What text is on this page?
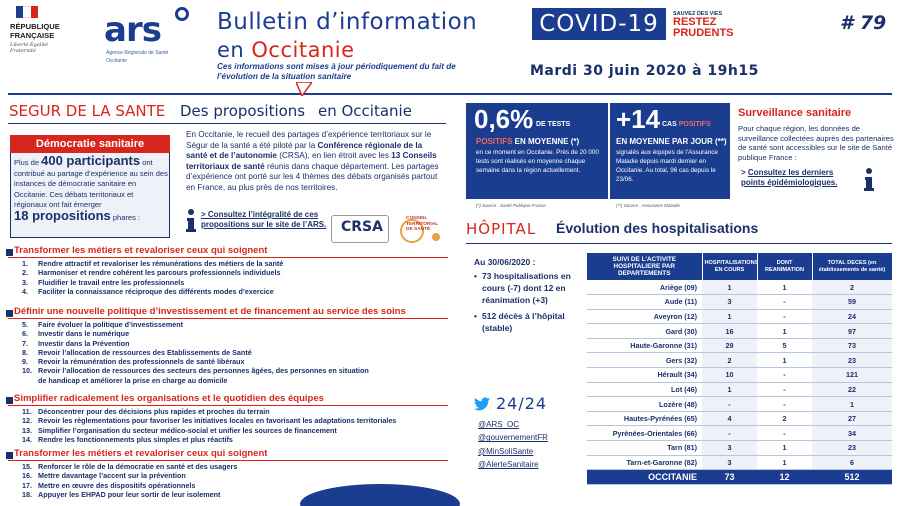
RÉPUBLIQUE FRANÇAISE
Liberté Égalité Fraternité
ars
Agence Régionale de Santé
Occitanie
Bulletin d’information	COVID-19	SAUVEZ DES VIES
RESTEZ
PRUDENTS	# 79
en Occitanie
Ces informations sont mises à jour périodiquement du fait de l’évolution de la situation sanitaire	Mardi 30 juin 2020 à 19h15
SEGUR DE LA SANTE Des propositions en Occitanie
Démocratie sanitaire
Plus de 400 participants ont contribué au partage d’expérience au sein des instances de démocratie sanitaire en Occitanie. Ces débats territoriaux et régionaux ont fait émerger
18 propositions phares :
En Occitanie, le recueil des partages d’expérience territoriaux sur le Ségur de la santé a été piloté par la Conférence régionale de la santé et de l’autonomie (CRSA), en lien étroit avec les 13 Conseils territoriaux de santé réunis dans chaque département. Les partages d’expérience ont porté sur les 4 thèmes des débats organisés partout en France, au plus près de nos territoires.
> Consultez l’intégralité de ces propositions sur le site de l’ARS.	CRSA
CONSEIL TERRITORIAL DE SANTÉ
Transformer les métiers et revaloriser ceux qui soignent
1. Rendre attractif et revaloriser les rémunérations des métiers de la santé
2. Harmoniser et rendre cohérent les parcours professionnels individuels
3. Fluidifier le travail entre les professionnels
4. Faciliter la connaissance réciproque des différents modes d’exercice
Définir une nouvelle politique d’investissement et de financement au service des soins
5. Faire évoluer la politique d’investissement
6. Investir dans le numérique
7. Investir dans la Prévention
8. Revoir l’allocation de ressources des Etablissements de Santé
9. Revoir la rémunération des professionnels de santé libéraux
10. Revoir l’allocation de ressources des secteurs des personnes âgées, des personnes en situation
de handicap et améliorer la prise en charge au domicile
Simplifier radicalement les organisations et le quotidien des équipes
11. Déconcentrer pour des décisions plus rapides et proches du terrain
12. Revoir les réglementations pour favoriser les initiatives locales en favorisant les adaptations territoriales
13. Simplifier l’organisation du secteur médico-social et unifier les sources de financement
14. Rendre les fonctionnements plus simples et plus réactifs
Transformer les métiers et revaloriser ceux qui soignent
15. Renforcer le rôle de la démocratie en santé et des usagers
16. Mettre davantage l’accent sur la prévention
17. Mettre en œuvre des dispositifs opérationnels
18. Appuyer les EHPAD pour leur sortir de leur isolement
0,6% DE TESTS
POSITIFS EN MOYENNE (*)
en ce moment en Occitanie. Près de 20 000 tests sont réalisés en moyenne chaque semaine dans la région actuellement.
+14 CAS POSITIFS
EN MOYENNE PAR JOUR (**)
signalés aux équipes de l’Assurance Maladie depuis mardi dernier en Occitanie. Au total, 96 cas depuis le 23/06.
(*) Source : Santé Publique France	(**) Source : Assurance Maladie
Surveillance sanitaire
Pour chaque région, les données de surveillance collectées auprès des partenaires de santé sont accessibles sur le site de Santé publique France :
> Consultez les derniers points épidémiologiques.
HÔPITAL Évolution des hospitalisations
Au 30/06/2020 :
• 73 hospitalisations en cours (-7) dont 12 en réanimation (+3)
• 512 décès à l’hôpital (stable)
24/24
@ARS_OC
@gouvernementFR
@MinSoliSante
@AlerteSanitaire
SUIVI DE L’ACTIVITE HOSPITALIERE PAR DEPARTEMENTS	HOSPITALISATIONS EN COURS	DONT REANIMATION	TOTAL DECES (en établissements de santé)
Ariège (09)	1	1	2
Aude (11)	3	-	59
Aveyron (12)	1	-	24
Gard (30)	16	1	97
Haute-Garonne (31)	29	5	73
Gers (32)	2	1	23
Hérault (34)	10	-	121
Lot (46)	1	-	22
Lozère (48)	-	-	1
Hautes-Pyrénées (65)	4	2	27
Pyrénées-Orientales (66)	-	-	34
Tarn (81)	3	1	23
Tarn-et-Garonne (82)	3	1	6
OCCITANIE	73	12	512
